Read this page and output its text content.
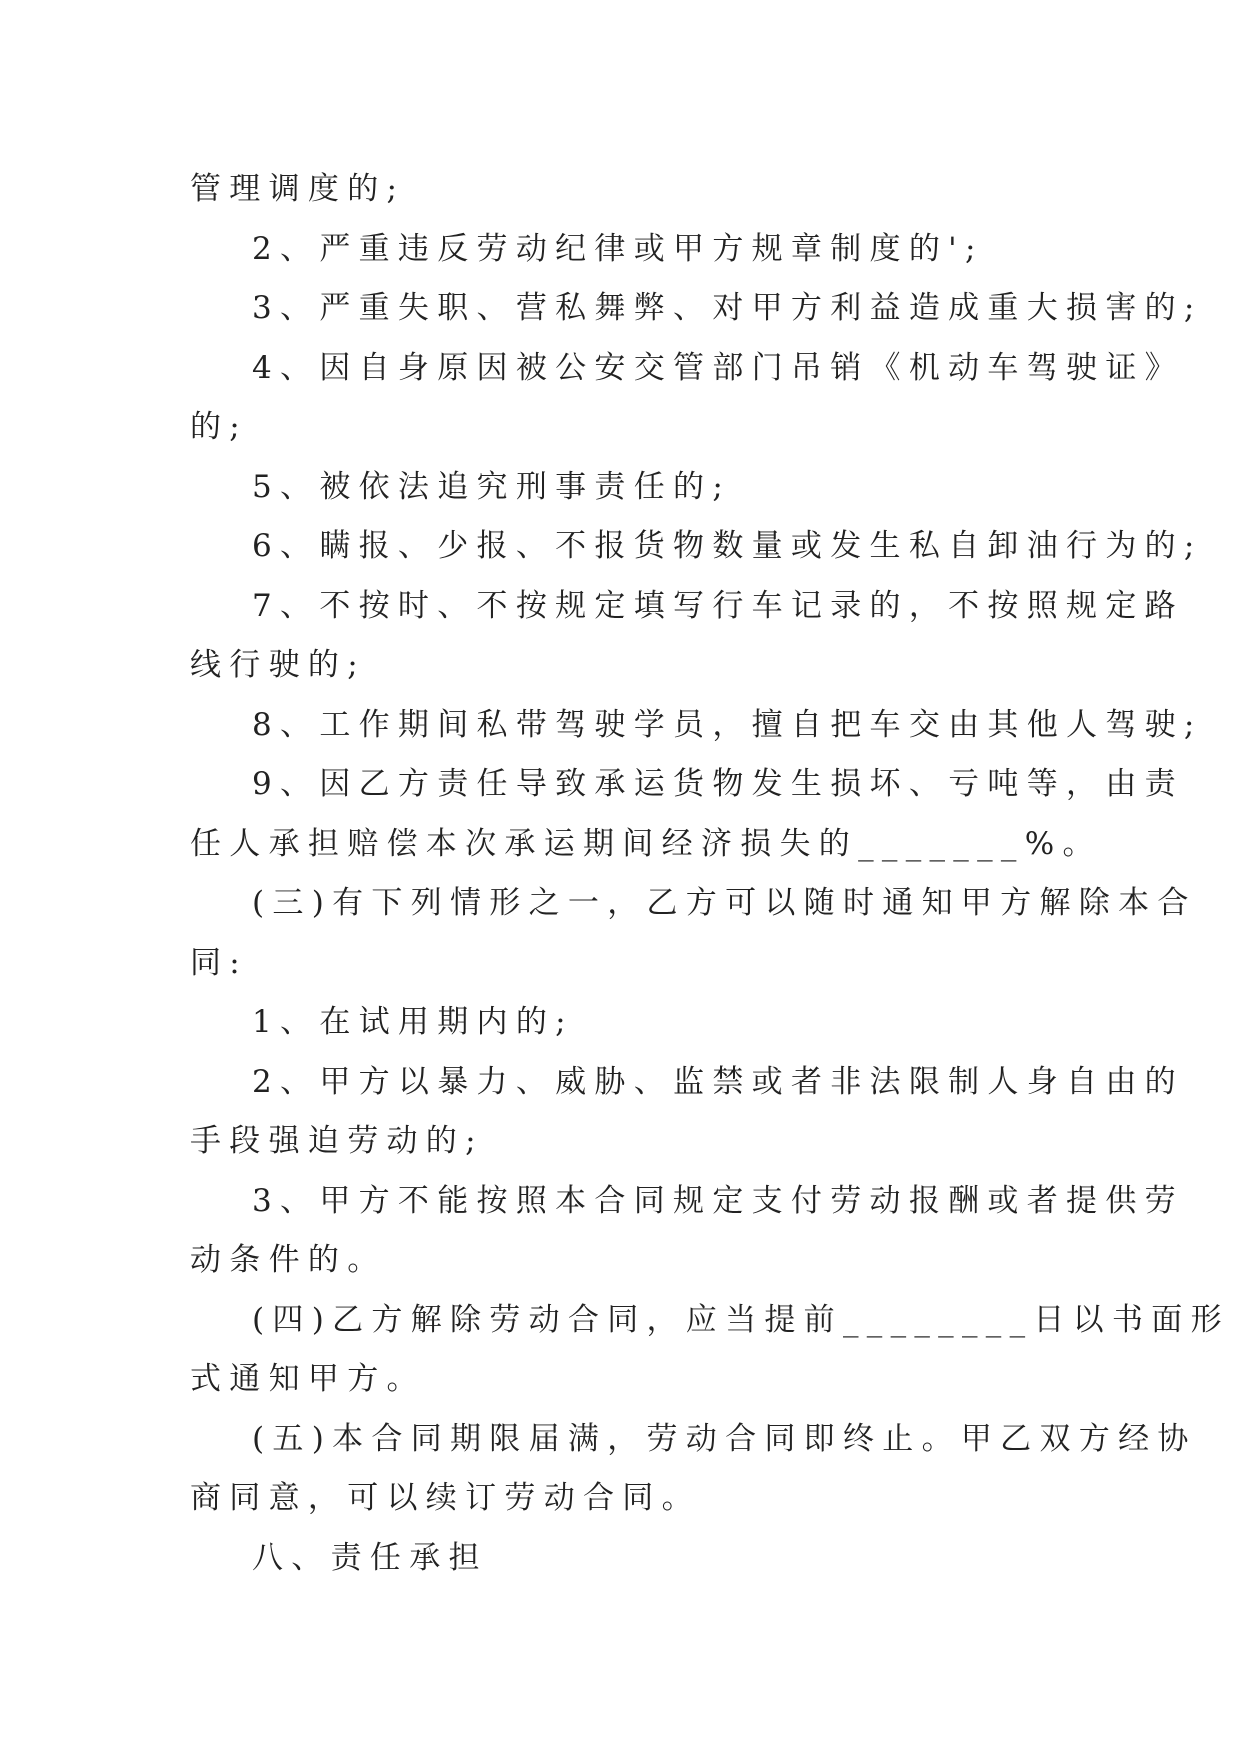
管理调度的;
2、严重违反劳动纪律或甲方规章制度的';
3、严重失职、营私舞弊、对甲方利益造成重大损害的;
4、因自身原因被公安交管部门吊销《机动车驾驶证》
的;
5、被依法追究刑事责任的;
6、瞒报、少报、不报货物数量或发生私自卸油行为的;
7、不按时、不按规定填写行车记录的，不按照规定路
线行驶的;
8、工作期间私带驾驶学员，擅自把车交由其他人驾驶;
9、因乙方责任导致承运货物发生损坏、亏吨等，由责
任人承担赔偿本次承运期间经济损失的_______%。
(三)有下列情形之一，乙方可以随时通知甲方解除本合
同:
1、在试用期内的;
2、甲方以暴力、威胁、监禁或者非法限制人身自由的
手段强迫劳动的;
3、甲方不能按照本合同规定支付劳动报酬或者提供劳
动条件的。
(四)乙方解除劳动合同，应当提前________日以书面形
式通知甲方。
(五)本合同期限届满，劳动合同即终止。甲乙双方经协
商同意，可以续订劳动合同。
八、责任承担
